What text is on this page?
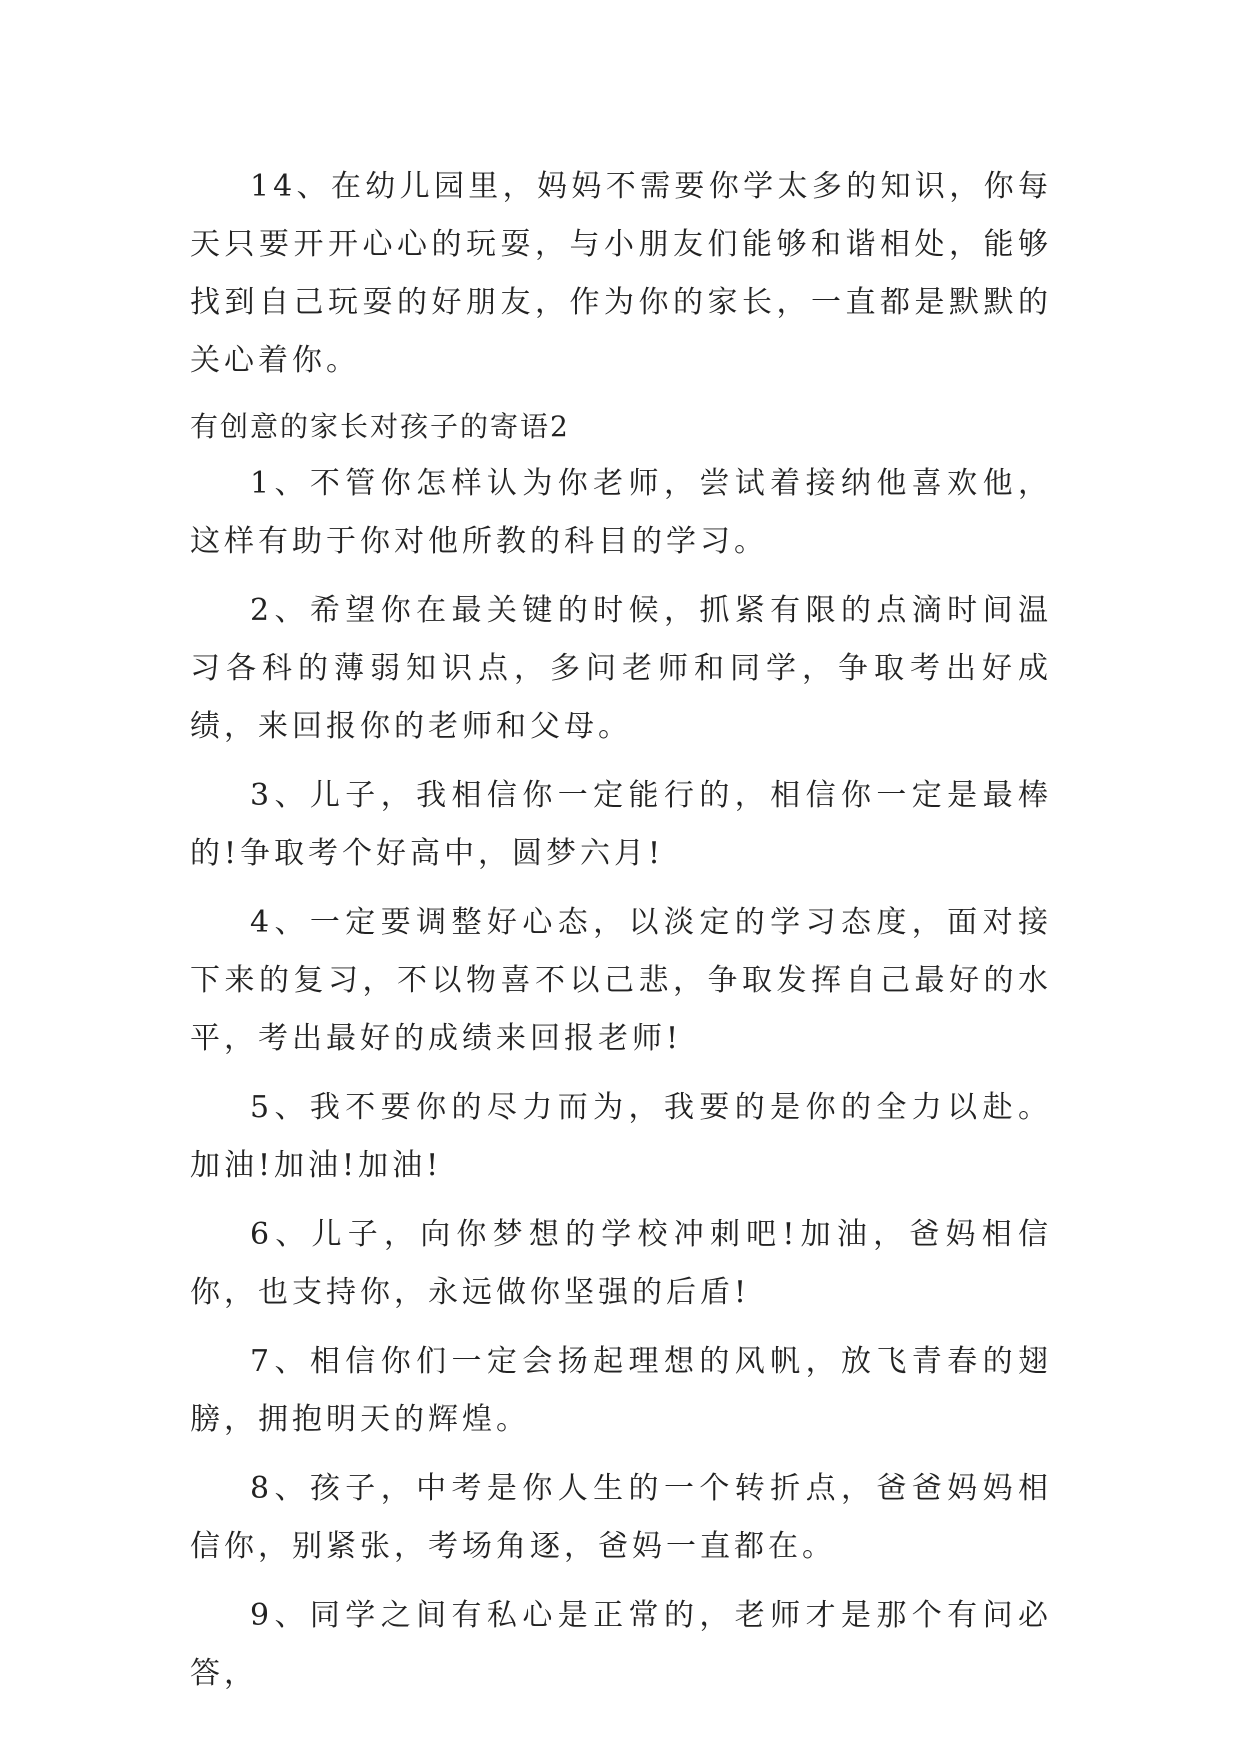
14、在幼儿园里，妈妈不需要你学太多的知识，你每天只要开开心心的玩耍，与小朋友们能够和谐相处，能够找到自己玩耍的好朋友，作为你的家长，一直都是默默的关心着你。

有创意的家长对孩子的寄语2

1、不管你怎样认为你老师，尝试着接纳他喜欢他，这样有助于你对他所教的科目的学习。

2、希望你在最关键的时候，抓紧有限的点滴时间温习各科的薄弱知识点，多问老师和同学，争取考出好成绩，来回报你的老师和父母。

3、儿子，我相信你一定能行的，相信你一定是最棒的!争取考个好高中，圆梦六月!

4、一定要调整好心态，以淡定的学习态度，面对接下来的复习，不以物喜不以己悲，争取发挥自己最好的水平，考出最好的成绩来回报老师!

5、我不要你的尽力而为，我要的是你的全力以赴。加油!加油!加油!

6、儿子，向你梦想的学校冲刺吧!加油，爸妈相信你，也支持你，永远做你坚强的后盾!

7、相信你们一定会扬起理想的风帆，放飞青春的翅膀，拥抱明天的辉煌。

8、孩子，中考是你人生的一个转折点，爸爸妈妈相信你，别紧张，考场角逐，爸妈一直都在。

9、同学之间有私心是正常的，老师才是那个有问必答，
